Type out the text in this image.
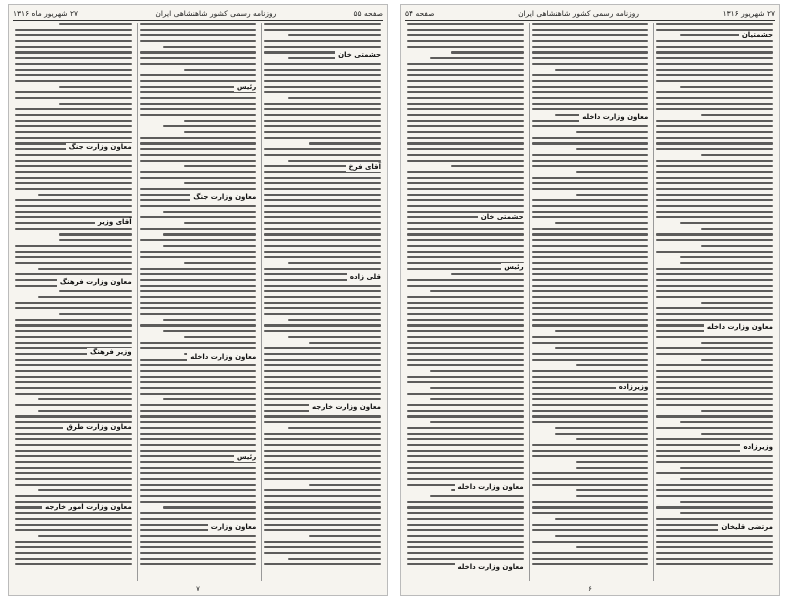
صفحه ۵۵
روزنامه رسمی کشور شاهنشاهی ایران
۲۷ شهریور ماه ۱۳۱۶
حشمتی خان
آقای فرخ
قلی زاده
معاون وزارت خارجه
رئیس
معاون وزارت جنگ
معاون وزارت داخله
رئیس
معاون وزارت
معاون وزارت جنگ
آقای وزیر
معاون وزارت فرهنگ
وزیر فرهنگ
معاون وزارت طرق
معاون وزارت امور خارجه
۷
۲۷ شهریور ۱۳۱۶
روزنامه رسمی کشور شاهنشاهی ایران
صفحه ۵۴
حشمتیان
معاون وزارت داخله
وزیرزاده
مرتضی قلیخان
معاون وزارت داخله
وزیرزاده
حشمتی خان
رئیس
معاون وزارت داخله
معاون وزارت داخله
۶
